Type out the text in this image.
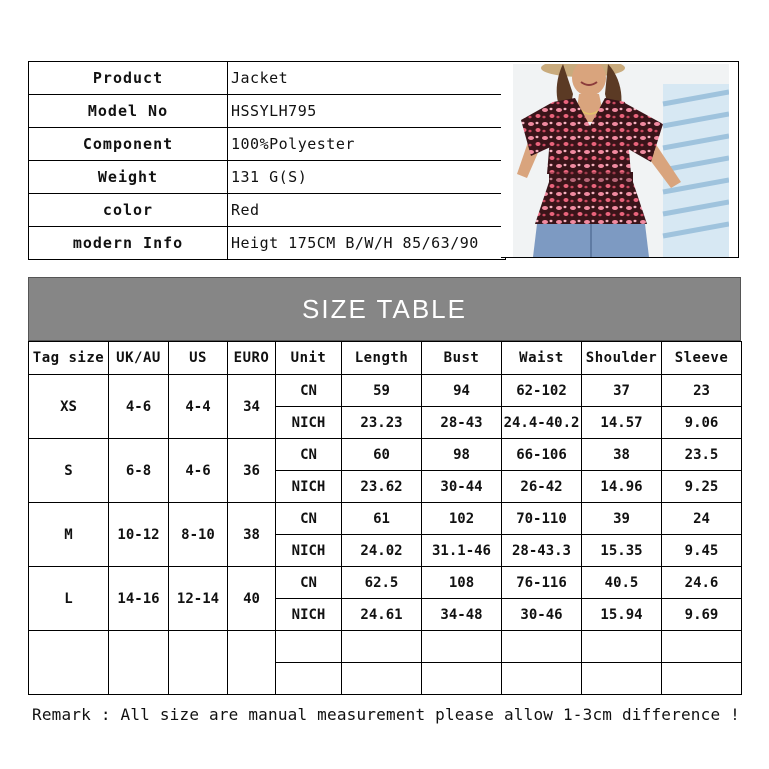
Product	Jacket
Model No	HSSYLH795
Component	100%Polyester
Weight	131 G(S)
color	Red
modern Info	Heigt 175CM B/W/H 85/63/90
SIZE TABLE
Tag size	UK/AU	US	EURO	Unit	Length	Bust	Waist	Shoulder	Sleeve
XS	4-6	4-4	34	CN	59	94	62-102	37	23
				NICH	23.23	28-43	24.4-40.2	14.57	9.06
S	6-8	4-6	36	CN	60	98	66-106	38	23.5
				NICH	23.62	30-44	26-42	14.96	9.25
M	10-12	8-10	38	CN	61	102	70-110	39	24
				NICH	24.02	31.1-46	28-43.3	15.35	9.45
L	14-16	12-14	40	CN	62.5	108	76-116	40.5	24.6
				NICH	24.61	34-48	30-46	15.94	9.69

Remark : All size are manual measurement please allow 1-3cm difference !
